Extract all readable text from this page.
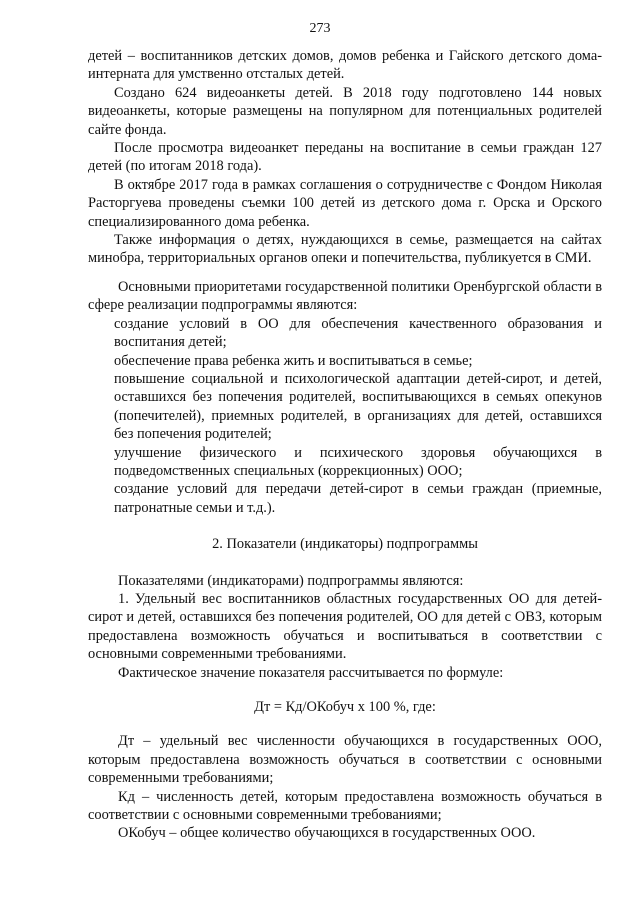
273

детей – воспитанников детских домов, домов ребенка и Гайского детского дома-интерната для умственно отсталых детей.

Создано 624 видеоанкеты детей. В 2018 году подготовлено 144 новых видеоанкеты, которые размещены на популярном для потенциальных родителей сайте фонда.

После просмотра видеоанкет переданы на воспитание в семьи граждан 127 детей (по итогам 2018 года).

В октябре 2017 года в рамках соглашения о сотрудничестве с Фондом Николая Расторгуева проведены съемки 100 детей из детского дома г. Орска и Орского специализированного дома ребенка.

Также информация о детях, нуждающихся в семье, размещается на сайтах минобра, территориальных органов опеки и попечительства, публикуется в СМИ.

Основными приоритетами государственной политики Оренбургской области в сфере реализации подпрограммы являются:

создание условий в ОО для обеспечения качественного образования и воспитания детей;

обеспечение права ребенка жить и воспитываться в семье;

повышение социальной и психологической адаптации детей-сирот, и детей, оставшихся без попечения родителей, воспитывающихся в семьях опекунов (попечителей), приемных родителей, в организациях для детей, оставшихся без попечения родителей;

улучшение физического и психического здоровья обучающихся в подведомственных специальных (коррекционных) ООО;

создание условий для передачи детей-сирот в семьи граждан (приемные, патронатные семьи и т.д.).

2. Показатели (индикаторы) подпрограммы

Показателями (индикаторами) подпрограммы являются:

1. Удельный вес воспитанников областных государственных ОО для детей-сирот и детей, оставшихся без попечения родителей, ОО для детей с ОВЗ, которым предоставлена возможность обучаться и воспитываться в соответствии с основными современными требованиями.

Фактическое значение показателя рассчитывается по формуле:

Дт = Кд/ОКобуч х 100 %, где:

Дт – удельный вес численности обучающихся в государственных ООО, которым предоставлена возможность обучаться в соответствии с основными современными требованиями;

Кд – численность детей, которым предоставлена возможность обучаться в соответствии с основными современными требованиями;

ОКобуч – общее количество обучающихся в государственных ООО.
